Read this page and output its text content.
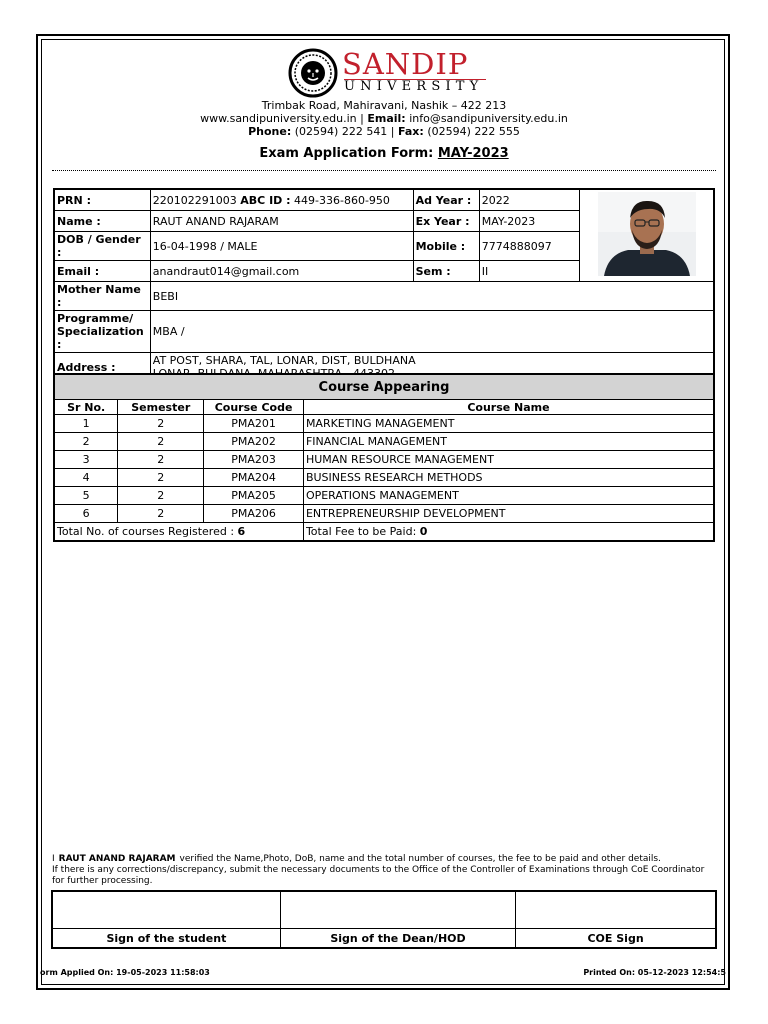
SANDIP
UNIVERSITY
Trimbak Road, Mahiravani, Nashik – 422 213
www.sandipuniversity.edu.in | Email: info@sandipuniversity.edu.in
Phone: (02594) 222 541 | Fax: (02594) 222 555
Exam Application Form: MAY-2023
PRN :	220102291003 ABC ID : 449-336-860-950	Ad Year :	2022	
Name :	RAUT ANAND RAJARAM	Ex Year :	MAY-2023	
DOB / Gender :	16-04-1998 / MALE	Mobile :	7774888097	
Email :	anandraut014@gmail.com	Sem :	II	
Mother Name :	BEBI			
Programme/
Specialization :	MBA /			
Address :	AT POST, SHARA, TAL, LONAR, DIST, BULDHANA			

Course Appearing			
Sr No.	Semester	Course Code	Course Name
1	2	PMA201	MARKETING MANAGEMENT
2	2	PMA202	FINANCIAL MANAGEMENT
3	2	PMA203	HUMAN RESOURCE MANAGEMENT
4	2	PMA204	BUSINESS RESEARCH METHODS
5	2	PMA205	OPERATIONS MANAGEMENT
6	2	PMA206	ENTREPRENEURSHIP DEVELOPMENT
Total No. of courses Registered : 6			Total Fee to be Paid: 0
I RAUT ANAND RAJARAM verified the Name,Photo, DoB, name and the total number of courses, the fee to be paid and other details.
If there is any corrections/discrepancy, submit the necessary documents to the Office of the Controller of Examinations through CoE Coordinator for further processing.

Sign of the student	Sign of the Dean/HOD	COE Sign
orm Applied On: 19-05-2023 11:58:03	Printed On: 05-12-2023 12:54:5
